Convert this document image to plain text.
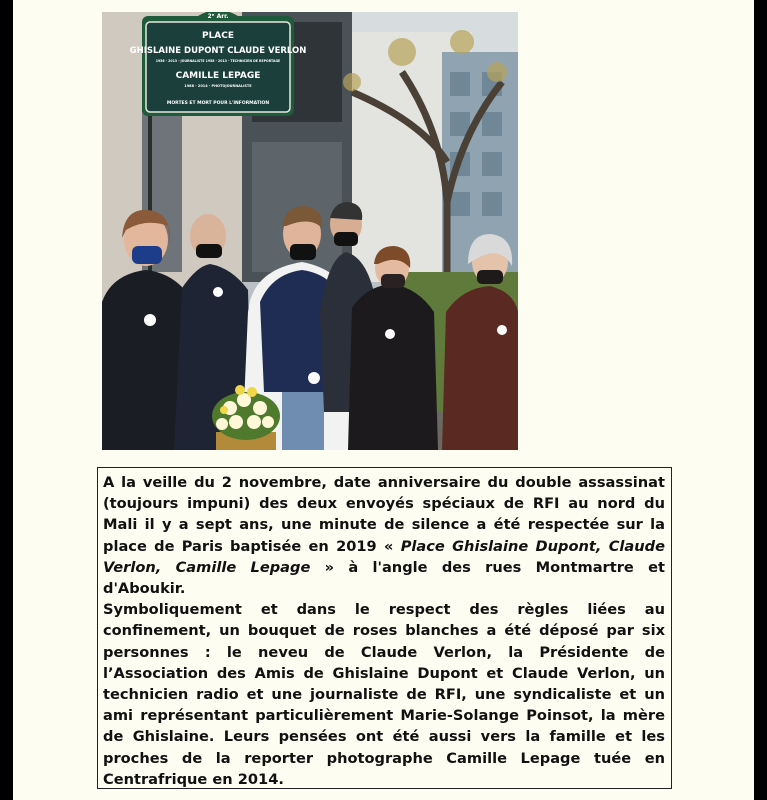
2ᵉ Arr.
PLACE
GHISLAINE DUPONT CLAUDE VERLON
1956 - 2013 - JOURNALISTE 1958 - 2013 - TECHNICIEN DE REPORTAGE
CAMILLE LEPAGE
1988 - 2014 - PHOTOJOURNALISTE
MORTES ET MORT POUR L'INFORMATION

A la veille du 2 novembre, date anniversaire du double assassinat (toujours impuni) des deux envoyés spéciaux de RFI au nord du Mali il y a sept ans, une minute de silence a été respectée sur la place de Paris baptisée en 2019 « Place Ghislaine Dupont, Claude Verlon, Camille Lepage » à l'angle des rues Montmartre et d'Aboukir.

Symboliquement et dans le respect des règles liées au confinement, un bouquet de roses blanches a été déposé par six personnes : le neveu de Claude Verlon, la Présidente de l’Association des Amis de Ghislaine Dupont et Claude Verlon, un technicien radio et une journaliste de RFI, une syndicaliste et un ami représentant particulièrement Marie-Solange Poinsot, la mère de Ghislaine. Leurs pensées ont été aussi vers la famille et les proches de la reporter photographe Camille Lepage tuée en Centrafrique en 2014.
